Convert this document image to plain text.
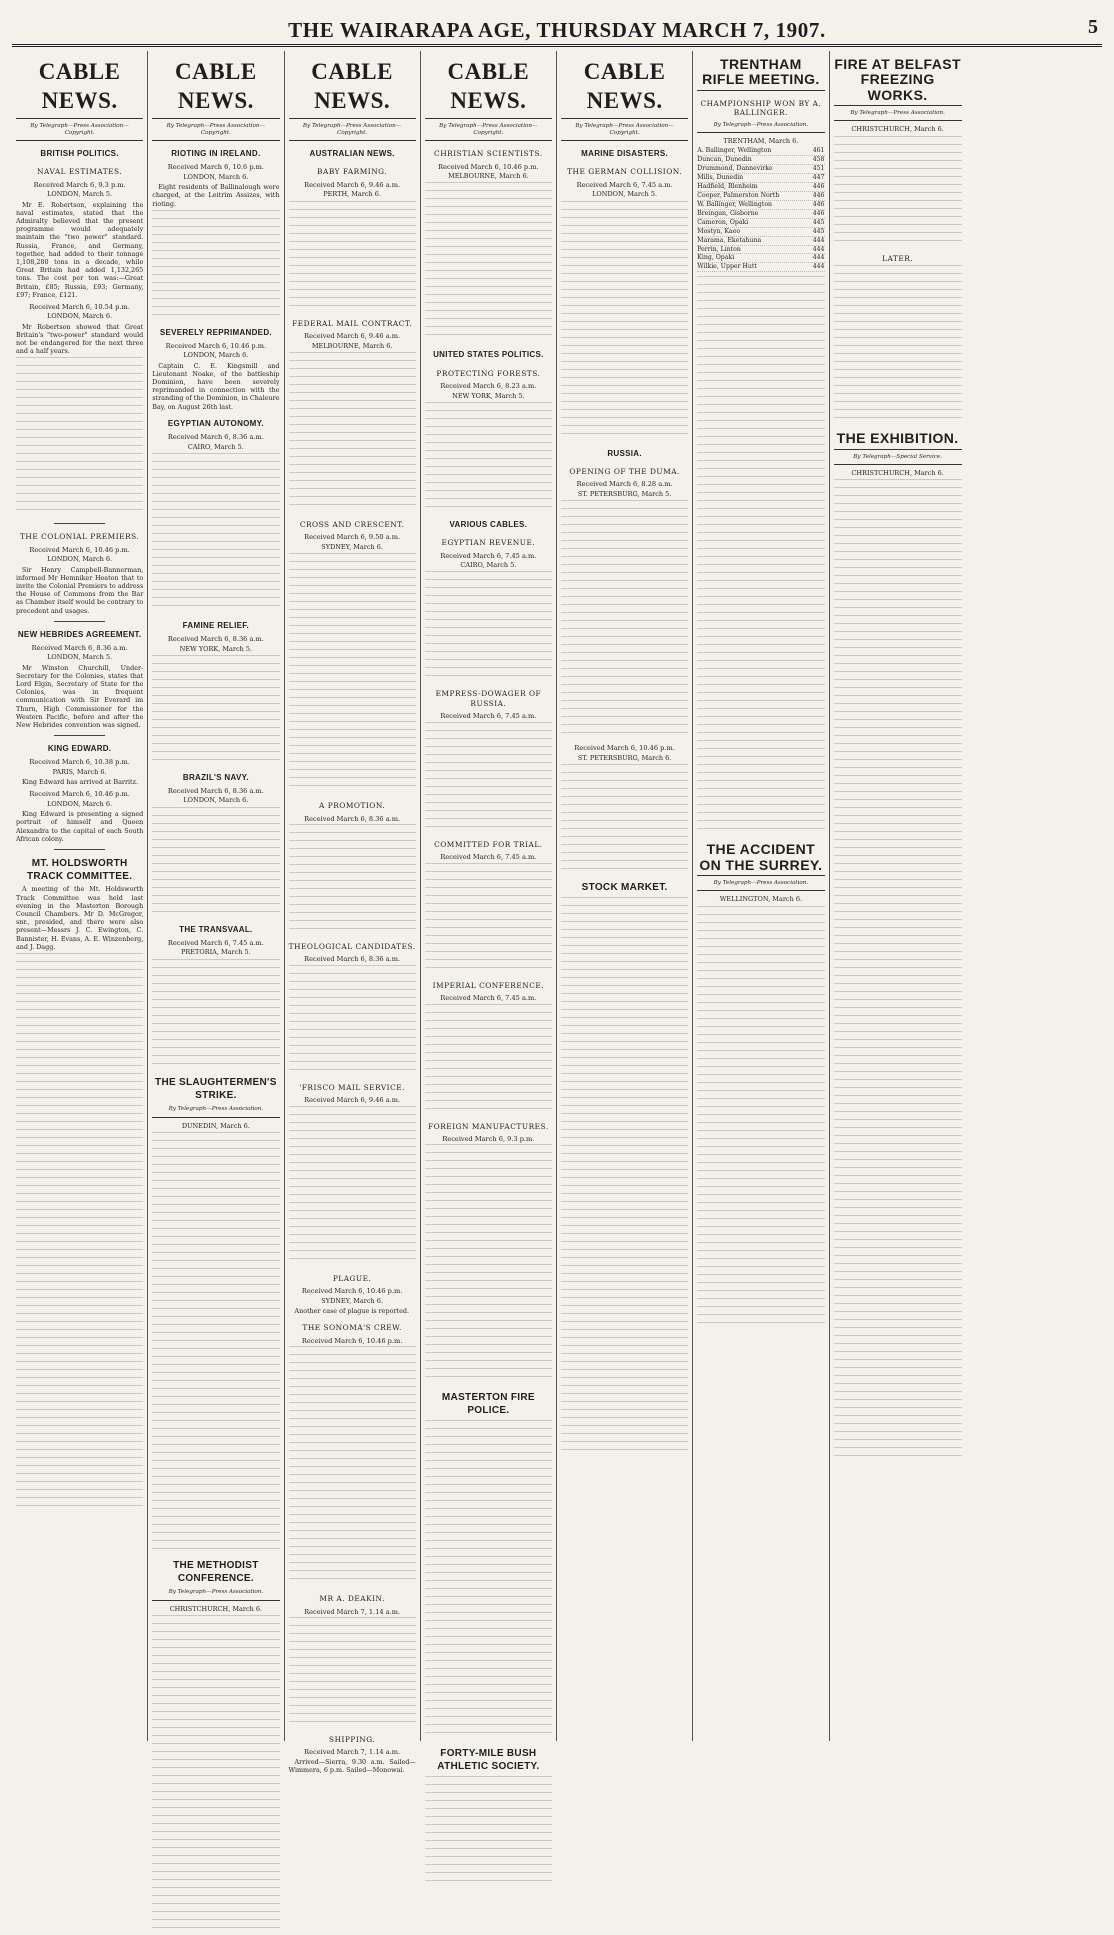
THE WAIRARAPA AGE, THURSDAY MARCH 7, 1907.	5
CABLE NEWS.
By Telegraph—Press Association—Copyright.
BRITISH POLITICS.
NAVAL ESTIMATES.
Received March 6, 9.3 p.m.
LONDON, March 5.

Mr E. Robertson, explaining the naval estimates, stated that the Admiralty believed that the present programme would adequately maintain the "two power" standard. Russia, France, and Germany, together, had added to their tonnage 1,108,280 tons in a decade, while Great Britain had added 1,132,265 tons. The cost per ton was:—Great Britain, £85; Russia, £93; Germany, £97; France, £121.

Received March 6, 10.54 p.m.
LONDON, March 6.

Mr Robertson showed that Great Britain's "two-power" standard would not be endangered for the next three and a half years.

THE COLONIAL PREMIERS.
Received March 6, 10.46 p.m.
LONDON, March 6.

Sir Henry Campbell-Bannerman, informed Mr Hemniker Heaton that to invite the Colonial Premiers to address the House of Commons from the Bar as Chamber itself would be contrary to precedent and usages.

NEW HEBRIDES AGREEMENT.
Received March 6, 8.36 a.m.
LONDON, March 5.

Mr Winston Churchill, Under-Secretary for the Colonies, states that Lord Elgin, Secretary of State for the Colonies, was in frequent communication with Sir Everard im Thurn, High Commissioner for the Western Pacific, before and after the New Hebrides convention was signed.

KING EDWARD.
Received March 6, 10.38 p.m.
PARIS, March 6.

King Edward has arrived at Barritz.

Received March 6, 10.46 p.m.
LONDON, March 6.

King Edward is presenting a signed portrait of himself and Queen Alexandra to the capital of each South African colony.

MT. HOLDSWORTH TRACK COMMITTEE.

A meeting of the Mt. Holdsworth Track Committee was held last evening in the Masterton Borough Council Chambers. Mr D. McGregor, snr., presided, and there were also present—Messrs J. C. Ewington, C. Bannister, H. Evans, A. E. Winzenberg, and J. Dagg.

CABLE NEWS.
By Telegraph—Press Association—Copyright.
RIOTING IN IRELAND.
Received March 6, 10.6 p.m.
LONDON, March 6.

Eight residents of Ballinalough were charged, at the Leitrim Assizes, with rioting.

SEVERELY REPRIMANDED.
Received March 6, 10.46 p.m.
LONDON, March 6.

Captain C. E. Kingsmill and Lieutenant Noake, of the battleship Dominion, have been severely reprimanded in connection with the stranding of the Dominion, in Chaleure Bay, on August 26th last.

EGYPTIAN AUTONOMY.
Received March 6, 8.36 a.m.
CAIRO, March 5.
FAMINE RELIEF.
Received March 6, 8.36 a.m.
NEW YORK, March 5.
BRAZIL'S NAVY.
Received March 6, 8.36 a.m.
LONDON, March 6.
THE TRANSVAAL.
Received March 6, 7.45 a.m.
PRETORIA, March 5.
THE SLAUGHTERMEN'S STRIKE.
By Telegraph—Press Association.
DUNEDIN, March 6.
THE METHODIST CONFERENCE.
By Telegraph—Press Association.
CHRISTCHURCH, March 6.
CABLE NEWS.
By Telegraph—Press Association—Copyright.
AUSTRALIAN NEWS.
BABY FARMING.
Received March 6, 9.46 a.m.
PERTH, March 6.
FEDERAL MAIL CONTRACT.
Received March 6, 9.46 a.m.
MELBOURNE, March 6.
CROSS AND CRESCENT.
Received March 6, 9.50 a.m.
SYDNEY, March 6.
A PROMOTION.
Received March 6, 8.36 a.m.
THEOLOGICAL CANDIDATES.
Received March 6, 8.36 a.m.
'FRISCO MAIL SERVICE.
Received March 6, 9.46 a.m.
PLAGUE.
Received March 6, 10.46 p.m.
SYDNEY, March 6.

Another case of plague is reported.

THE SONOMA'S CREW.
Received March 6, 10.46 p.m.
MR A. DEAKIN.
Received March 7, 1.14 a.m.
SHIPPING.
Received March 7, 1.14 a.m.

Arrived—Sierra, 9.30 a.m. Sailed—Wimmera, 6 p.m. Sailed—Monowai.

CABLE NEWS.
By Telegraph—Press Association—Copyright.
CHRISTIAN SCIENTISTS.
Received March 6, 10.46 p.m.
MELBOURNE, March 6.
UNITED STATES POLITICS.
PROTECTING FORESTS.
Received March 6, 8.23 a.m.
NEW YORK, March 5.
VARIOUS CABLES.
EGYPTIAN REVENUE.
Received March 6, 7.45 a.m.
CAIRO, March 5.
EMPRESS-DOWAGER OF RUSSIA.
Received March 6, 7.45 a.m.
COMMITTED FOR TRIAL.
Received March 6, 7.45 a.m.
IMPERIAL CONFERENCE.
Received March 6, 7.45 a.m.
FOREIGN MANUFACTURES.
Received March 6, 9.3 p.m.
MASTERTON FIRE POLICE.
FORTY-MILE BUSH ATHLETIC SOCIETY.
CABLE NEWS.
By Telegraph—Press Association—Copyright.
MARINE DISASTERS.
THE GERMAN COLLISION.
Received March 6, 7.45 a.m.
LONDON, March 5.
RUSSIA.
OPENING OF THE DUMA.
Received March 6, 8.28 a.m.
ST. PETERSBURG, March 5.
Received March 6, 10.46 p.m.
ST. PETERSBURG, March 6.
STOCK MARKET.
TRENTHAM RIFLE MEETING.
CHAMPIONSHIP WON BY A. BALLINGER.
By Telegraph—Press Association.
TRENTHAM, March 6.
A. Ballinger, Wellington	461
Duncan, Dunedin	458
Drummond, Dannevirke	451
Mills, Dunedin	447
Hadfield, Blenheim	446
Cooper, Palmerston North	446
W. Ballinger, Wellington	446
Breingan, Gisborne	446
Cameron, Opaki	445
Mostyn, Kaeo	445
Marama, Eketahuna	444
Perrin, Linton	444
King, Opaki	444
Wilkie, Upper Hutt	444
THE ACCIDENT ON THE SURREY.
By Telegraph—Press Association.
WELLINGTON, March 6.
FIRE AT BELFAST FREEZING WORKS.
By Telegraph—Press Association.
CHRISTCHURCH, March 6.
LATER.
THE EXHIBITION.
By Telegraph—Special Service.
CHRISTCHURCH, March 6.
